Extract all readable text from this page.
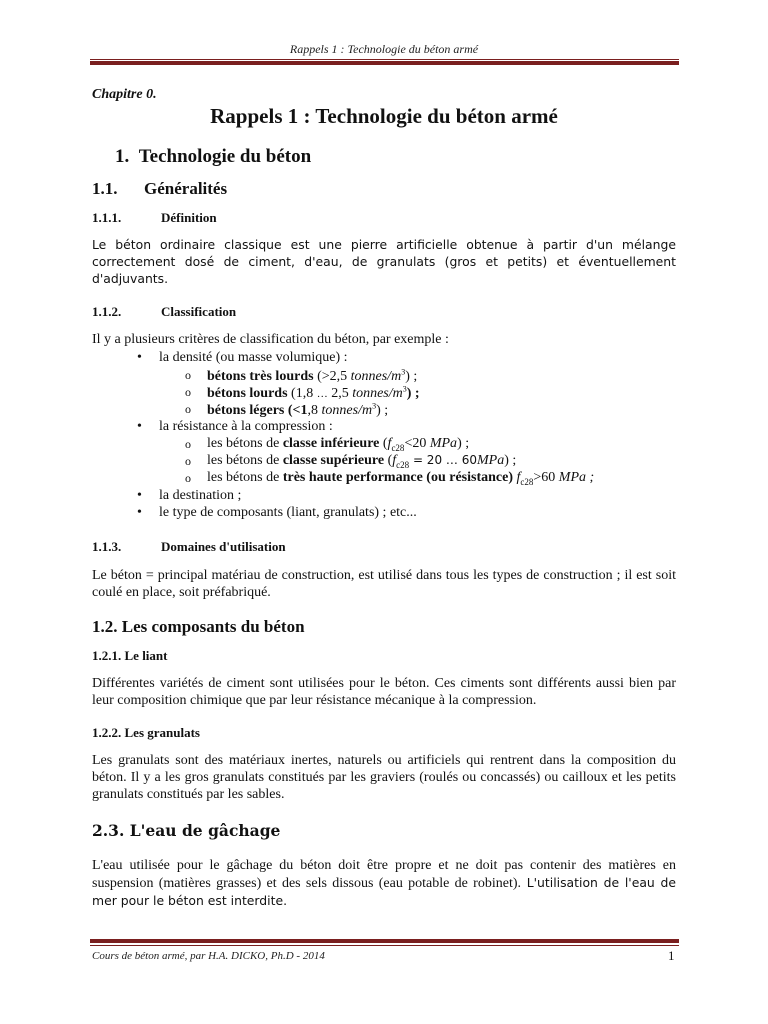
Rappels 1 : Technologie du béton armé
Chapitre 0.
Rappels 1 : Technologie du béton armé
1. Technologie du béton
1.1. Généralités
1.1.1.	Définition
Le béton ordinaire classique est une pierre artificielle obtenue à partir d'un mélange correctement dosé de ciment, d'eau, de granulats (gros et petits) et éventuellement d'adjuvants.
1.1.2.	Classification
Il y a plusieurs critères de classification du béton, par exemple :
• la densité (ou masse volumique) :
o bétons très lourds (>2,5 tonnes/$m^3$) ;
o bétons lourds (1,8 … 2,5 tonnes/$m^3$) ;
o bétons légers (<1,8 tonnes/$m^3$) ;
• la résistance à la compression :
o les bétons de classe inférieure ($f_{c28}<20$ MPa) ;
o les bétons de classe supérieure ($f_{c28} = 20$ … 60MPa) ;
o les bétons de très haute performance (ou résistance) $f_{c28}>60$ MPa ;
• la destination ;
• le type de composants (liant, granulats) ; etc...
1.1.3.	Domaines d'utilisation
Le béton = principal matériau de construction, est utilisé dans tous les types de construction ; il est soit coulé en place, soit préfabriqué.
1.2. Les composants du béton
1.2.1. Le liant
Différentes variétés de ciment sont utilisées pour le béton. Ces ciments sont différents aussi bien par leur composition chimique que par leur résistance mécanique à la compression.
1.2.2. Les granulats
Les granulats sont des matériaux inertes, naturels ou artificiels qui rentrent dans la composition du béton. Il y a les gros granulats constitués par les graviers (roulés ou concassés) ou cailloux et les petits granulats constitués par les sables.
2.3. L'eau de gâchage
L'eau utilisée pour le gâchage du béton doit être propre et ne doit pas contenir des matières en suspension (matières grasses) et des sels dissous (eau potable de robinet). L'utilisation de l'eau de mer pour le béton est interdite.
Cours de béton armé, par H.A. DICKO, Ph.D - 2014	1
